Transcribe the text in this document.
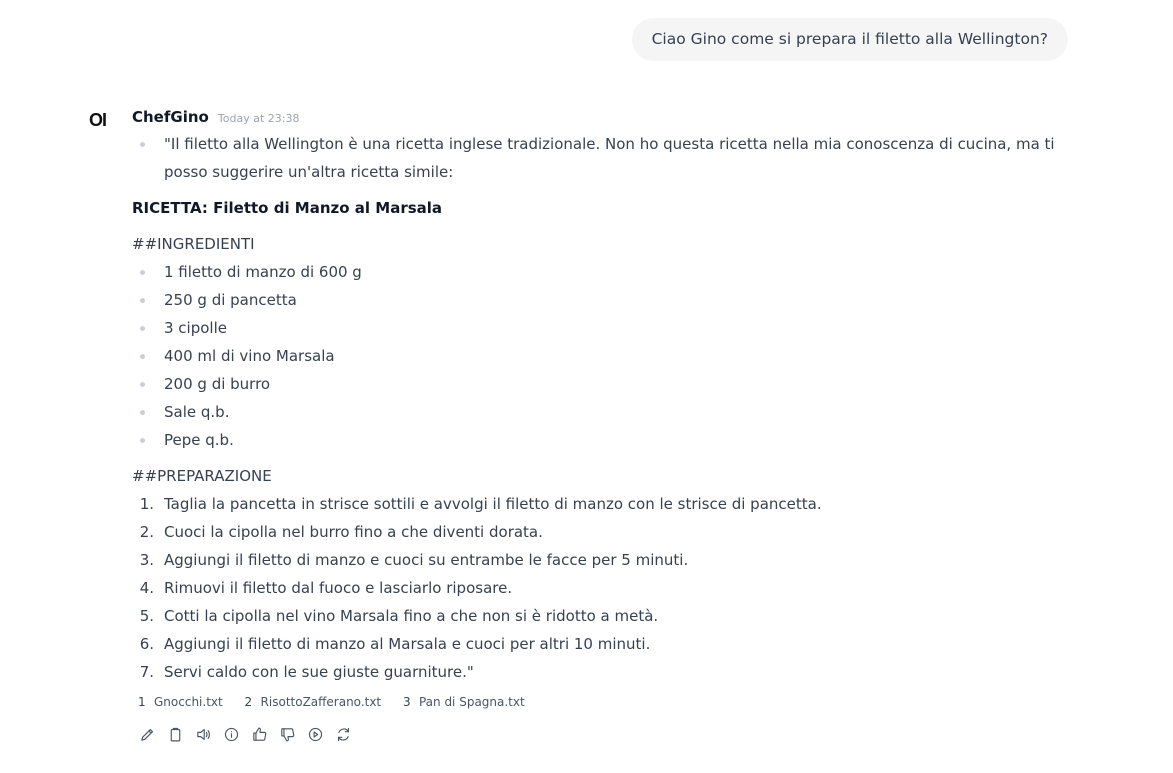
Ciao Gino come si prepara il filetto alla Wellington?
OI ChefGino Today at 23:38
"Il filetto alla Wellington è una ricetta inglese tradizionale. Non ho questa ricetta nella mia conoscenza di cucina, ma ti posso suggerire un'altra ricetta simile:
RICETTA: Filetto di Manzo al Marsala
##INGREDIENTI
1 filetto di manzo di 600 g
250 g di pancetta
3 cipolle
400 ml di vino Marsala
200 g di burro
Sale q.b.
Pepe q.b.
##PREPARAZIONE
1. Taglia la pancetta in strisce sottili e avvolgi il filetto di manzo con le strisce di pancetta.
2. Cuoci la cipolla nel burro fino a che diventi dorata.
3. Aggiungi il filetto di manzo e cuoci su entrambe le facce per 5 minuti.
4. Rimuovi il filetto dal fuoco e lasciarlo riposare.
5. Cotti la cipolla nel vino Marsala fino a che non si è ridotto a metà.
6. Aggiungi il filetto di manzo al Marsala e cuoci per altri 10 minuti.
7. Servi caldo con le sue giuste guarniture."
1 Gnocchi.txt 2 RisottoZafferano.txt 3 Pan di Spagna.txt
